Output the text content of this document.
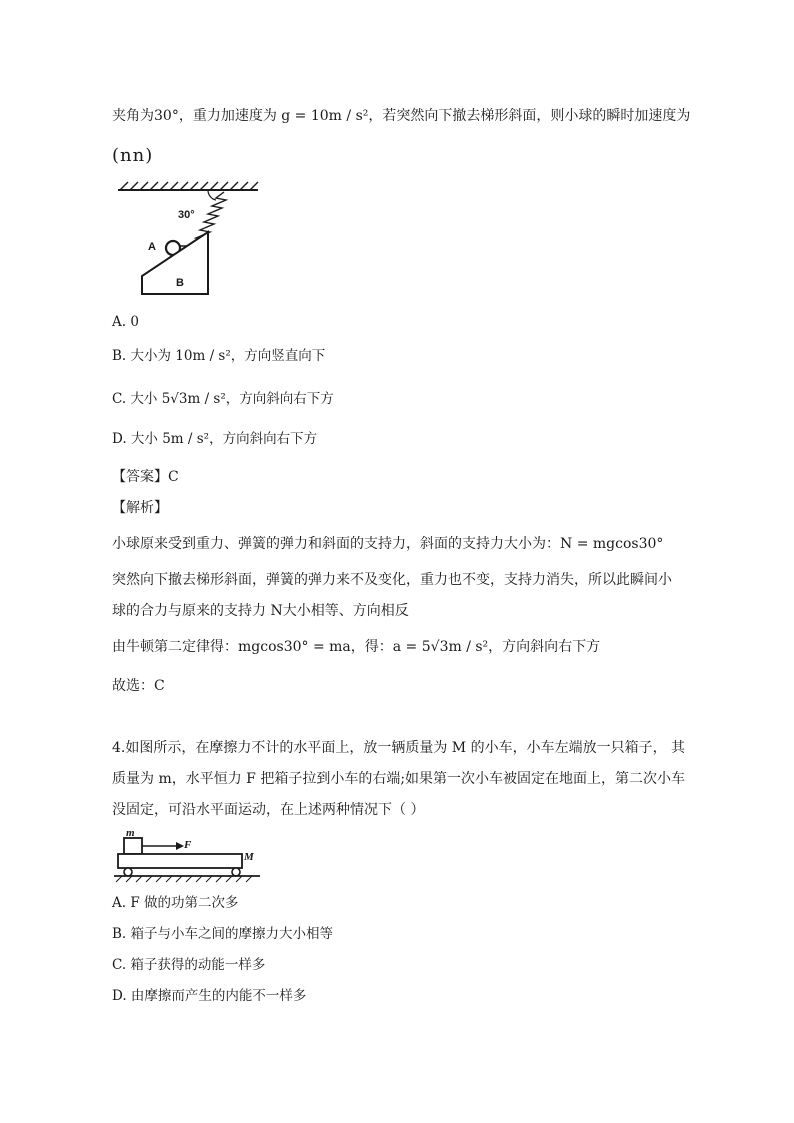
夹角为30°，重力加速度为 g = 10m / s²，若突然向下撤去梯形斜面，则小球的瞬时加速度为
(nn)
30°
A
B
A. 0
B. 大小为 10m / s²，方向竖直向下
C. 大小 5√3m / s²，方向斜向右下方
D. 大小 5m / s²，方向斜向右下方
【答案】C
【解析】
小球原来受到重力、弹簧的弹力和斜面的支持力，斜面的支持力大小为：N = mgcos30°
突然向下撤去梯形斜面，弹簧的弹力来不及变化，重力也不变，支持力消失，所以此瞬间小
球的合力与原来的支持力 N大小相等、方向相反
由牛顿第二定律得：mgcos30° = ma，得：a = 5√3m / s²，方向斜向右下方
故选：C
4.如图所示，在摩擦力不计的水平面上，放一辆质量为 M 的小车，小车左端放一只箱子， 其
质量为 m，水平恒力 F 把箱子拉到小车的右端;如果第一次小车被固定在地面上，第二次小车
没固定，可沿水平面运动，在上述两种情况下（ ）
m
F
M
A. F 做的功第二次多
B. 箱子与小车之间的摩擦力大小相等
C. 箱子获得的动能一样多
D. 由摩擦而产生的内能不一样多
